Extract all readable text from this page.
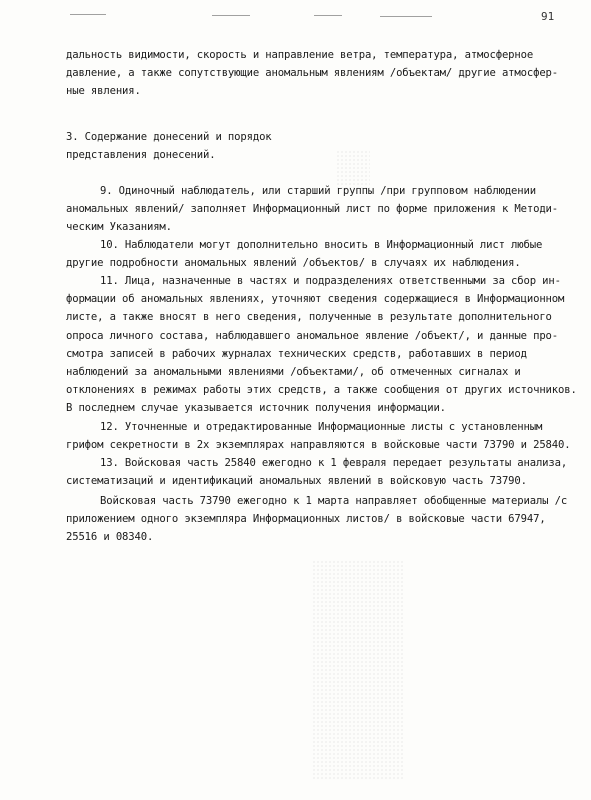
91
дальность видимости, скорость и направление ветра, температура, атмосферное
давление, а также сопутствующие аномальным явлениям /объектам/ другие атмосфер-
ные явления.
3. Содержание донесений и порядок
представления донесений.
9. Одиночный наблюдатель, или старший группы /при групповом наблюдении
аномальных явлений/ заполняет Информационный лист по форме приложения к Методи-
ческим Указаниям.
10. Наблюдатели могут дополнительно вносить в Информационный лист любые
другие подробности аномальных явлений /объектов/ в случаях их наблюдения.
11. Лица, назначенные в частях и подразделениях ответственными за сбор ин-
формации об аномальных явлениях, уточняют сведения содержащиеся в Информационном
листе, а также вносят в него сведения, полученные в результате дополнительного
опроса личного состава, наблюдавшего аномальное явление /объект/, и данные про-
смотра записей в рабочих журналах технических средств, работавших в период
наблюдений за аномальными явлениями /объектами/, об отмеченных сигналах и
отклонениях в режимах работы этих средств, а также сообщения от других источников.
В последнем случае указывается источник получения информации.
12. Уточненные и отредактированные Информационные листы с установленным
грифом секретности в 2х экземплярах направляются в войсковые части 73790 и 25840.
13. Войсковая часть 25840 ежегодно к 1 февраля передает результаты анализа,
систематизаций и идентификаций аномальных явлений в войсковую часть 73790.
Войсковая часть 73790 ежегодно к 1 марта направляет обобщенные материалы /с
приложением одного экземпляра Информационных листов/ в войсковые части 67947,
25516 и 08340.
